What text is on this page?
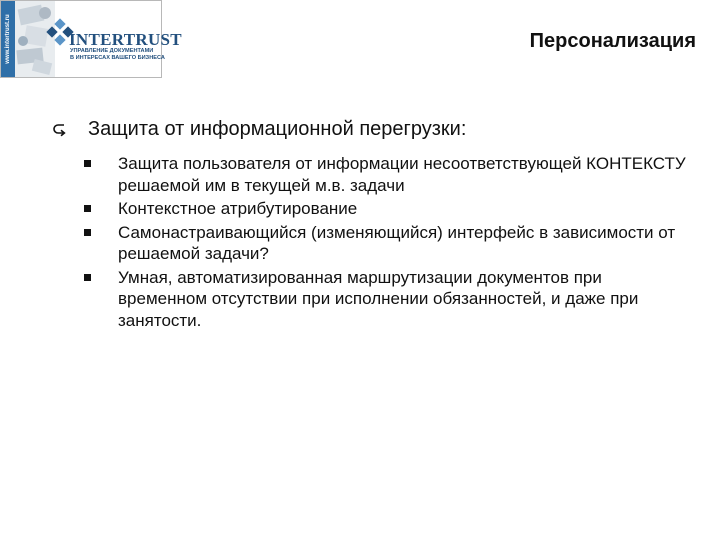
www.intertrust.ru	INTERTRUST
УПРАВЛЕНИЕ ДОКУМЕНТАМИ
В ИНТЕРЕСАХ ВАШЕГО БИЗНЕСА
Персонализация
Защита от информационной перегрузки:
Защита пользователя от информации несоответствующей КОНТЕКСТУ решаемой им в текущей м.в. задачи
Контекстное атрибутирование
Самонастраивающийся (изменяющийся) интерфейс в зависимости от решаемой задачи?
Умная, автоматизированная маршрутизации документов при временном отсутствии при исполнении обязанностей, и даже при занятости.
